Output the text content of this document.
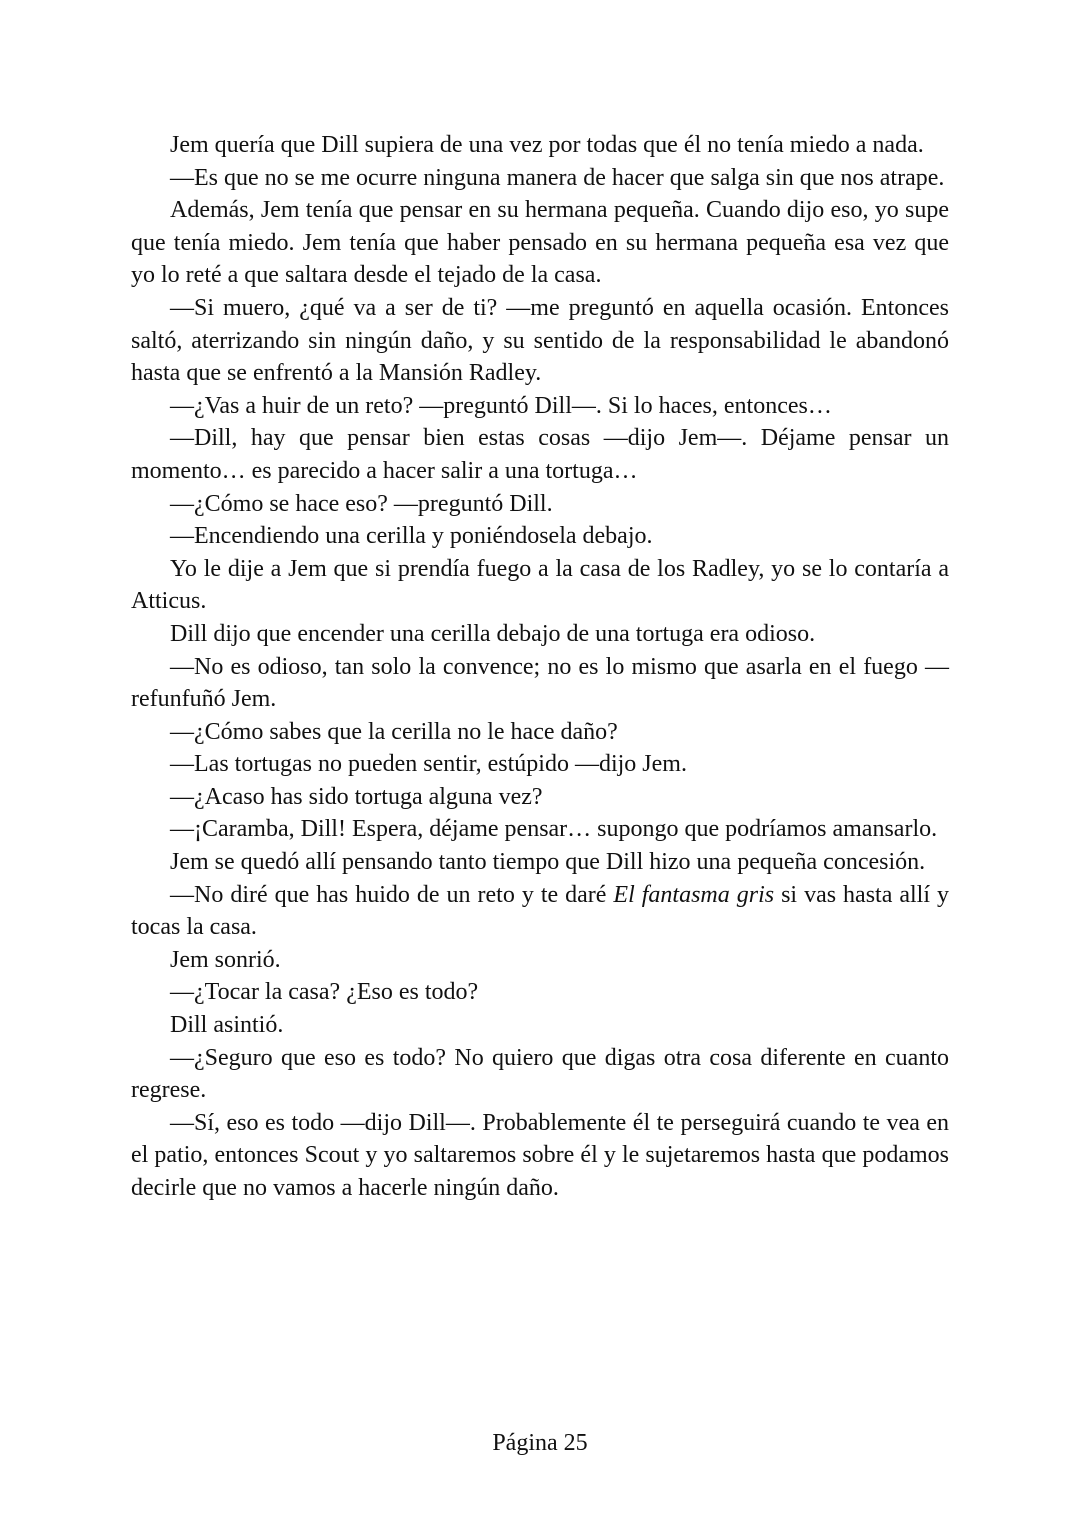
Jem quería que Dill supiera de una vez por todas que él no tenía miedo a nada.

—Es que no se me ocurre ninguna manera de hacer que salga sin que nos atrape.

Además, Jem tenía que pensar en su hermana pequeña. Cuando dijo eso, yo supe que tenía miedo. Jem tenía que haber pensado en su hermana pequeña esa vez que yo lo reté a que saltara desde el tejado de la casa.

—Si muero, ¿qué va a ser de ti? —me preguntó en aquella ocasión. Entonces saltó, aterrizando sin ningún daño, y su sentido de la responsabilidad le abandonó hasta que se enfrentó a la Mansión Radley.

—¿Vas a huir de un reto? —preguntó Dill—. Si lo haces, entonces…

—Dill, hay que pensar bien estas cosas —dijo Jem—. Déjame pensar un momento… es parecido a hacer salir a una tortuga…

—¿Cómo se hace eso? —preguntó Dill.

—Encendiendo una cerilla y poniéndosela debajo.

Yo le dije a Jem que si prendía fuego a la casa de los Radley, yo se lo contaría a Atticus.

Dill dijo que encender una cerilla debajo de una tortuga era odioso.

—No es odioso, tan solo la convence; no es lo mismo que asarla en el fuego —refunfuñó Jem.

—¿Cómo sabes que la cerilla no le hace daño?

—Las tortugas no pueden sentir, estúpido —dijo Jem.

—¿Acaso has sido tortuga alguna vez?

—¡Caramba, Dill! Espera, déjame pensar… supongo que podríamos amansarlo.

Jem se quedó allí pensando tanto tiempo que Dill hizo una pequeña concesión.

—No diré que has huido de un reto y te daré El fantasma gris si vas hasta allí y tocas la casa.

Jem sonrió.

—¿Tocar la casa? ¿Eso es todo?

Dill asintió.

—¿Seguro que eso es todo? No quiero que digas otra cosa diferente en cuanto regrese.

—Sí, eso es todo —dijo Dill—. Probablemente él te perseguirá cuando te vea en el patio, entonces Scout y yo saltaremos sobre él y le sujetaremos hasta que podamos decirle que no vamos a hacerle ningún daño.

Página 25
